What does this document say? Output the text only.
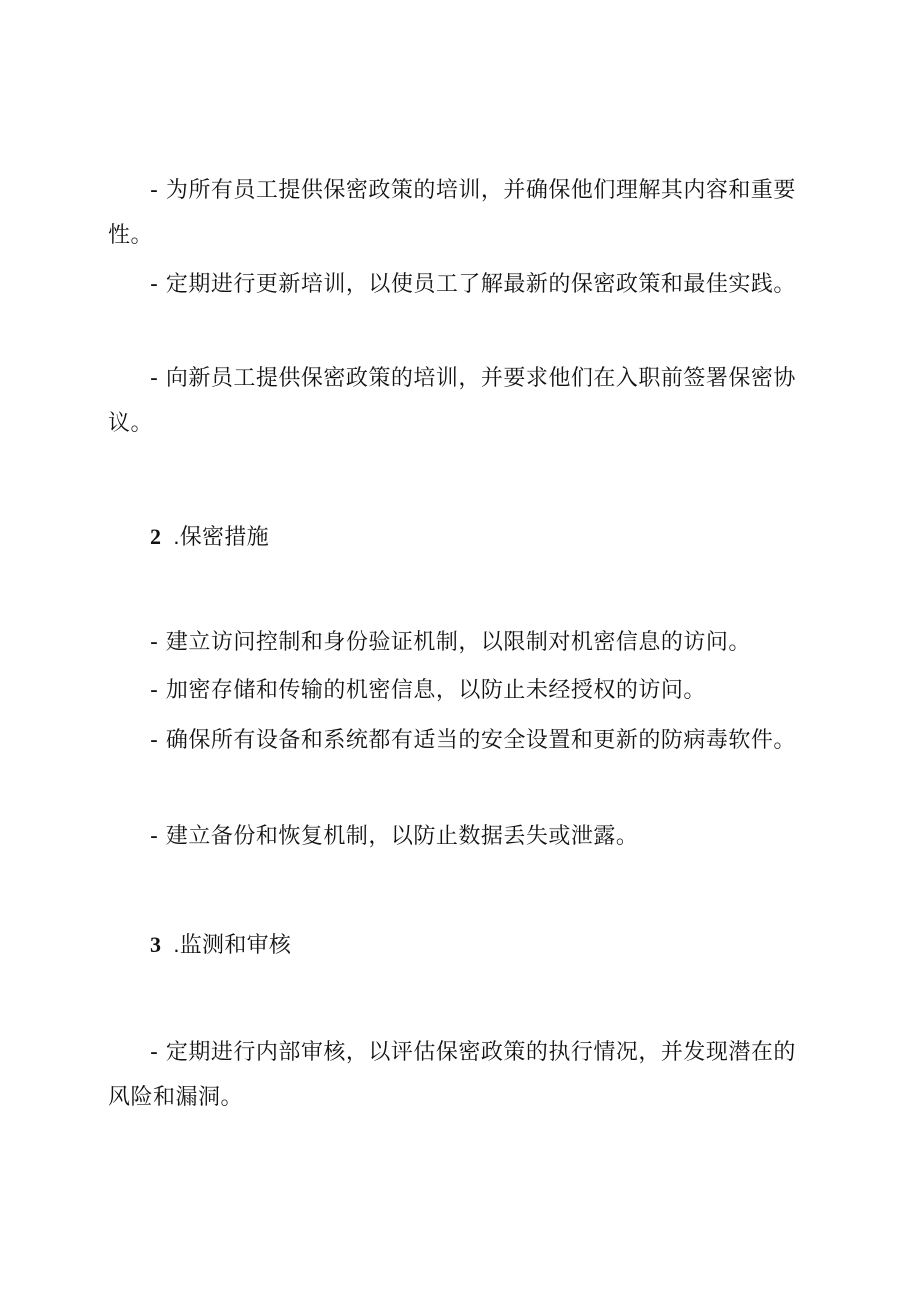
- 为所有员工提供保密政策的培训，并确保他们理解其内容和重要性。

- 定期进行更新培训，以使员工了解最新的保密政策和最佳实践。

- 向新员工提供保密政策的培训，并要求他们在入职前签署保密协议。

2 .保密措施

- 建立访问控制和身份验证机制，以限制对机密信息的访问。

- 加密存储和传输的机密信息，以防止未经授权的访问。

- 确保所有设备和系统都有适当的安全设置和更新的防病毒软件。

- 建立备份和恢复机制，以防止数据丢失或泄露。

3 .监测和审核

- 定期进行内部审核，以评估保密政策的执行情况，并发现潜在的风险和漏洞。
